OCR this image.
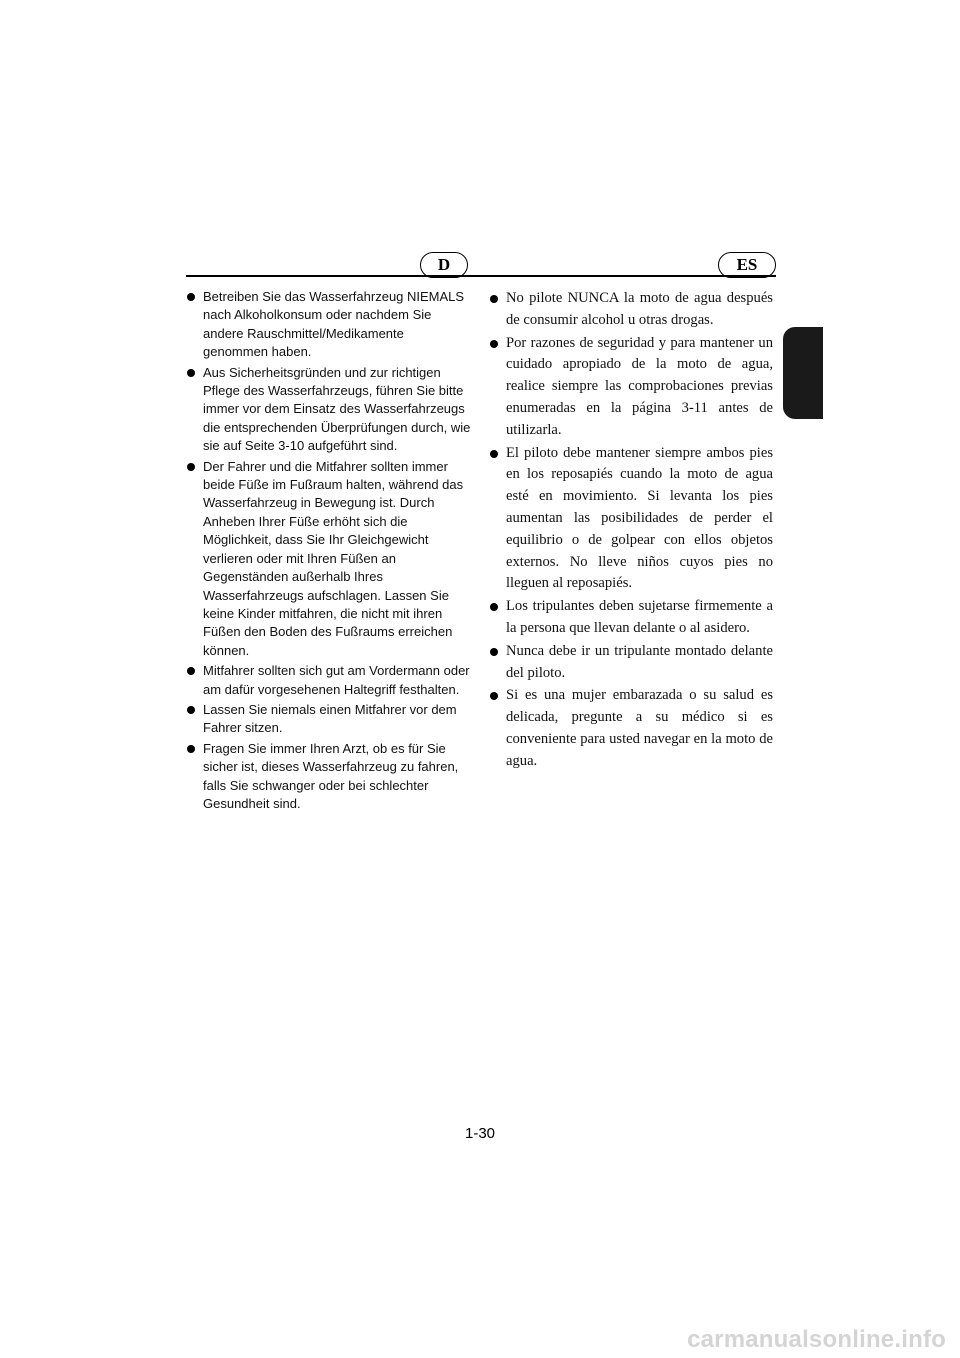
D	ES
Betreiben Sie das Wasserfahrzeug NIEMALS nach Alkoholkonsum oder nachdem Sie andere Rauschmittel/Medikamente genommen haben.
Aus Sicherheitsgründen und zur richtigen Pflege des Wasserfahrzeugs, führen Sie bitte immer vor dem Einsatz des Wasserfahrzeugs die entsprechenden Überprüfungen durch, wie sie auf Seite 3-10 aufgeführt sind.
Der Fahrer und die Mitfahrer sollten immer beide Füße im Fußraum halten, während das Wasserfahrzeug in Bewegung ist. Durch Anheben Ihrer Füße erhöht sich die Möglichkeit, dass Sie Ihr Gleichgewicht verlieren oder mit Ihren Füßen an Gegenständen außerhalb Ihres Wasserfahrzeugs aufschlagen. Lassen Sie keine Kinder mitfahren, die nicht mit ihren Füßen den Boden des Fußraums erreichen können.
Mitfahrer sollten sich gut am Vordermann oder am dafür vorgesehenen Haltegriff festhalten.
Lassen Sie niemals einen Mitfahrer vor dem Fahrer sitzen.
Fragen Sie immer Ihren Arzt, ob es für Sie sicher ist, dieses Wasserfahrzeug zu fahren, falls Sie schwanger oder bei schlechter Gesundheit sind.
No pilote NUNCA la moto de agua después de consumir alcohol u otras drogas.
Por razones de seguridad y para mantener un cuidado apropiado de la moto de agua, realice siempre las comprobaciones previas enumeradas en la página 3-11 antes de utilizarla.
El piloto debe mantener siempre ambos pies en los reposapiés cuando la moto de agua esté en movimiento. Si levanta los pies aumentan las posibilidades de perder el equilibrio o de golpear con ellos objetos externos. No lleve niños cuyos pies no lleguen al reposapiés.
Los tripulantes deben sujetarse firmemente a la persona que llevan delante o al asidero.
Nunca debe ir un tripulante montado delante del piloto.
Si es una mujer embarazada o su salud es delicada, pregunte a su médico si es conveniente para usted navegar en la moto de agua.
1-30
carmanualsonline.info
